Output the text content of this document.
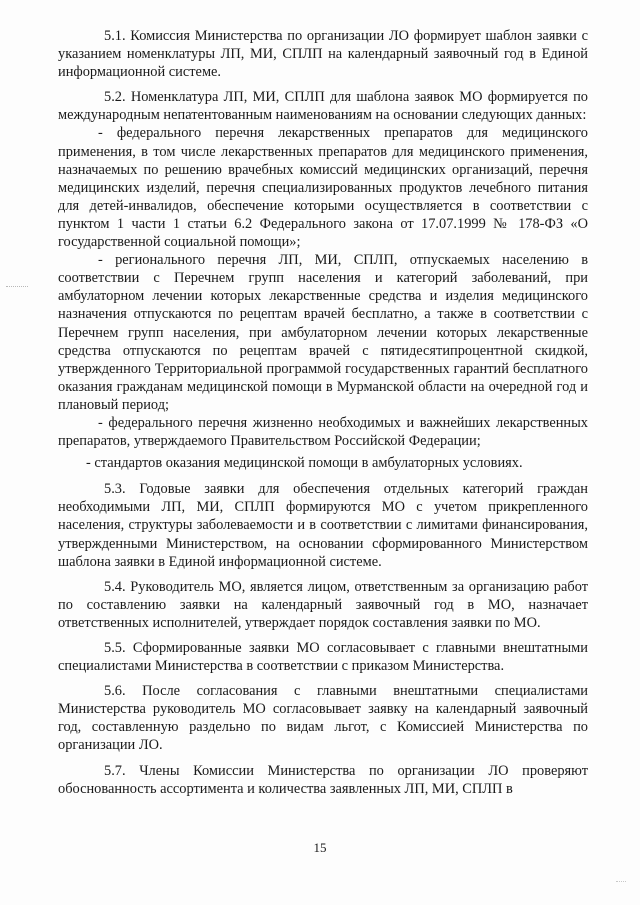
5.1. Комиссия Министерства по организации ЛО формирует шаблон заявки с указанием номенклатуры ЛП, МИ, СПЛП на календарный заявочный год в Единой информационной системе.

5.2. Номенклатура ЛП, МИ, СПЛП для шаблона заявок МО формируется по международным непатентованным наименованиям на основании следующих данных:

- федерального перечня лекарственных препаратов для медицинского применения, в том числе лекарственных препаратов для медицинского применения, назначаемых по решению врачебных комиссий медицинских организаций, перечня медицинских изделий, перечня специализированных продуктов лечебного питания для детей-инвалидов, обеспечение которыми осуществляется в соответствии с пунктом 1 части 1 статьи 6.2 Федерального закона от 17.07.1999 № 178-ФЗ «О государственной социальной помощи»;

- регионального перечня ЛП, МИ, СПЛП, отпускаемых населению в соответствии с Перечнем групп населения и категорий заболеваний, при амбулаторном лечении которых лекарственные средства и изделия медицинского назначения отпускаются по рецептам врачей бесплатно, а также в соответствии с Перечнем групп населения, при амбулаторном лечении которых лекарственные средства отпускаются по рецептам врачей с пятидесятипроцентной скидкой, утвержденного Территориальной программой государственных гарантий бесплатного оказания гражданам медицинской помощи в Мурманской области на очередной год и плановый период;

- федерального перечня жизненно необходимых и важнейших лекарственных препаратов, утверждаемого Правительством Российской Федерации;

- стандартов оказания медицинской помощи в амбулаторных условиях.

5.3. Годовые заявки для обеспечения отдельных категорий граждан необходимыми ЛП, МИ, СПЛП формируются МО с учетом прикрепленного населения, структуры заболеваемости и в соответствии с лимитами финансирования, утвержденными Министерством, на основании сформированного Министерством шаблона заявки в Единой информационной системе.

5.4. Руководитель МО, является лицом, ответственным за организацию работ по составлению заявки на календарный заявочный год в МО, назначает ответственных исполнителей, утверждает порядок составления заявки по МО.

5.5. Сформированные заявки МО согласовывает с главными внештатными специалистами Министерства в соответствии с приказом Министерства.

5.6. После согласования с главными внештатными специалистами Министерства руководитель МО согласовывает заявку на календарный заявочный год, составленную раздельно по видам льгот, с Комиссией Министерства по организации ЛО.

5.7. Члены Комиссии Министерства по организации ЛО проверяют обоснованность ассортимента и количества заявленных ЛП, МИ, СПЛП в

15
